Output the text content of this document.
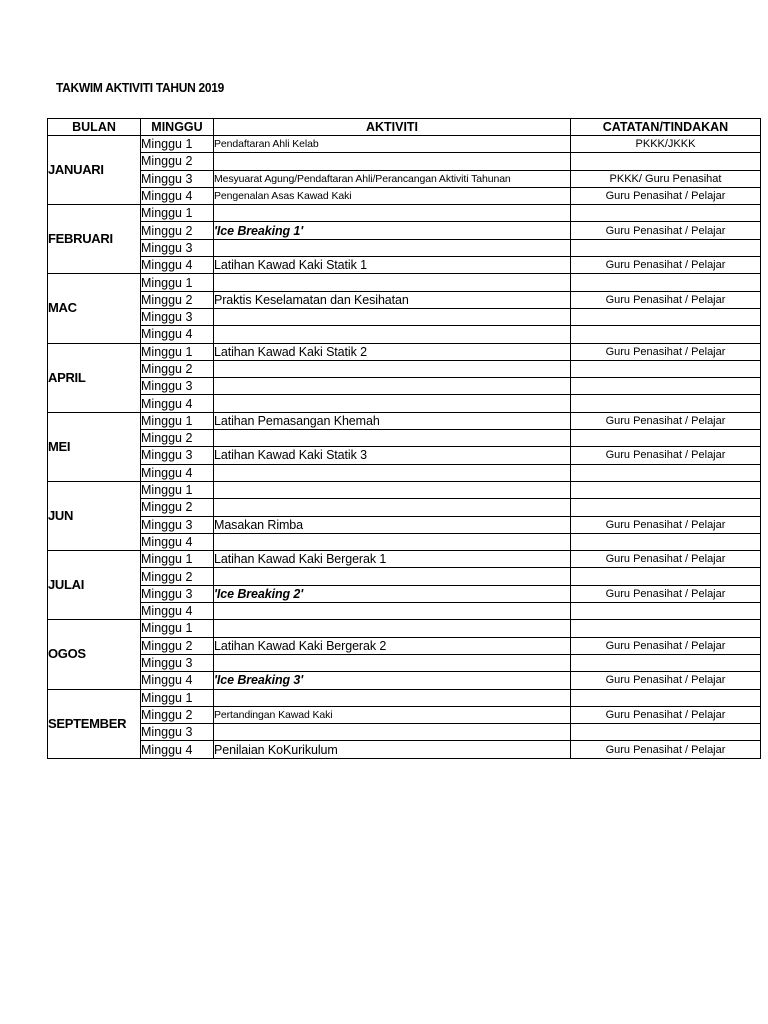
TAKWIM AKTIVITI TAHUN 2019
BULAN	MINGGU	AKTIVITI	CATATAN/TINDAKAN
JANUARI	Minggu 1	Pendaftaran Ahli Kelab	PKKK/JKKK
	Minggu 2		
	Minggu 3	Mesyuarat Agung/Pendaftaran Ahli/Perancangan Aktiviti Tahunan	PKKK/ Guru Penasihat
	Minggu 4	Pengenalan Asas Kawad Kaki	Guru Penasihat / Pelajar
FEBRUARI	Minggu 1		
	Minggu 2	'Ice Breaking 1'	Guru Penasihat / Pelajar
	Minggu 3		
	Minggu 4	Latihan Kawad Kaki Statik 1	Guru Penasihat / Pelajar
MAC	Minggu 1		
	Minggu 2	Praktis Keselamatan dan Kesihatan	Guru Penasihat / Pelajar
	Minggu 3		
	Minggu 4		
APRIL	Minggu 1	Latihan Kawad Kaki Statik 2	Guru Penasihat / Pelajar
	Minggu 2		
	Minggu 3		
	Minggu 4		
MEI	Minggu 1	Latihan Pemasangan Khemah	Guru Penasihat / Pelajar
	Minggu 2		
	Minggu 3	Latihan Kawad Kaki Statik 3	Guru Penasihat / Pelajar
	Minggu 4		
JUN	Minggu 1		
	Minggu 2		
	Minggu 3	Masakan Rimba	Guru Penasihat / Pelajar
	Minggu 4		
JULAI	Minggu 1	Latihan Kawad Kaki Bergerak 1	Guru Penasihat / Pelajar
	Minggu 2		
	Minggu 3	'Ice Breaking 2'	Guru Penasihat / Pelajar
	Minggu 4		
OGOS	Minggu 1		
	Minggu 2	Latihan Kawad Kaki Bergerak 2	Guru Penasihat / Pelajar
	Minggu 3		
	Minggu 4	'Ice Breaking 3'	Guru Penasihat / Pelajar
SEPTEMBER	Minggu 1		
	Minggu 2	Pertandingan Kawad Kaki	Guru Penasihat / Pelajar
	Minggu 3		
	Minggu 4	Penilaian KoKurikulum	Guru Penasihat / Pelajar
